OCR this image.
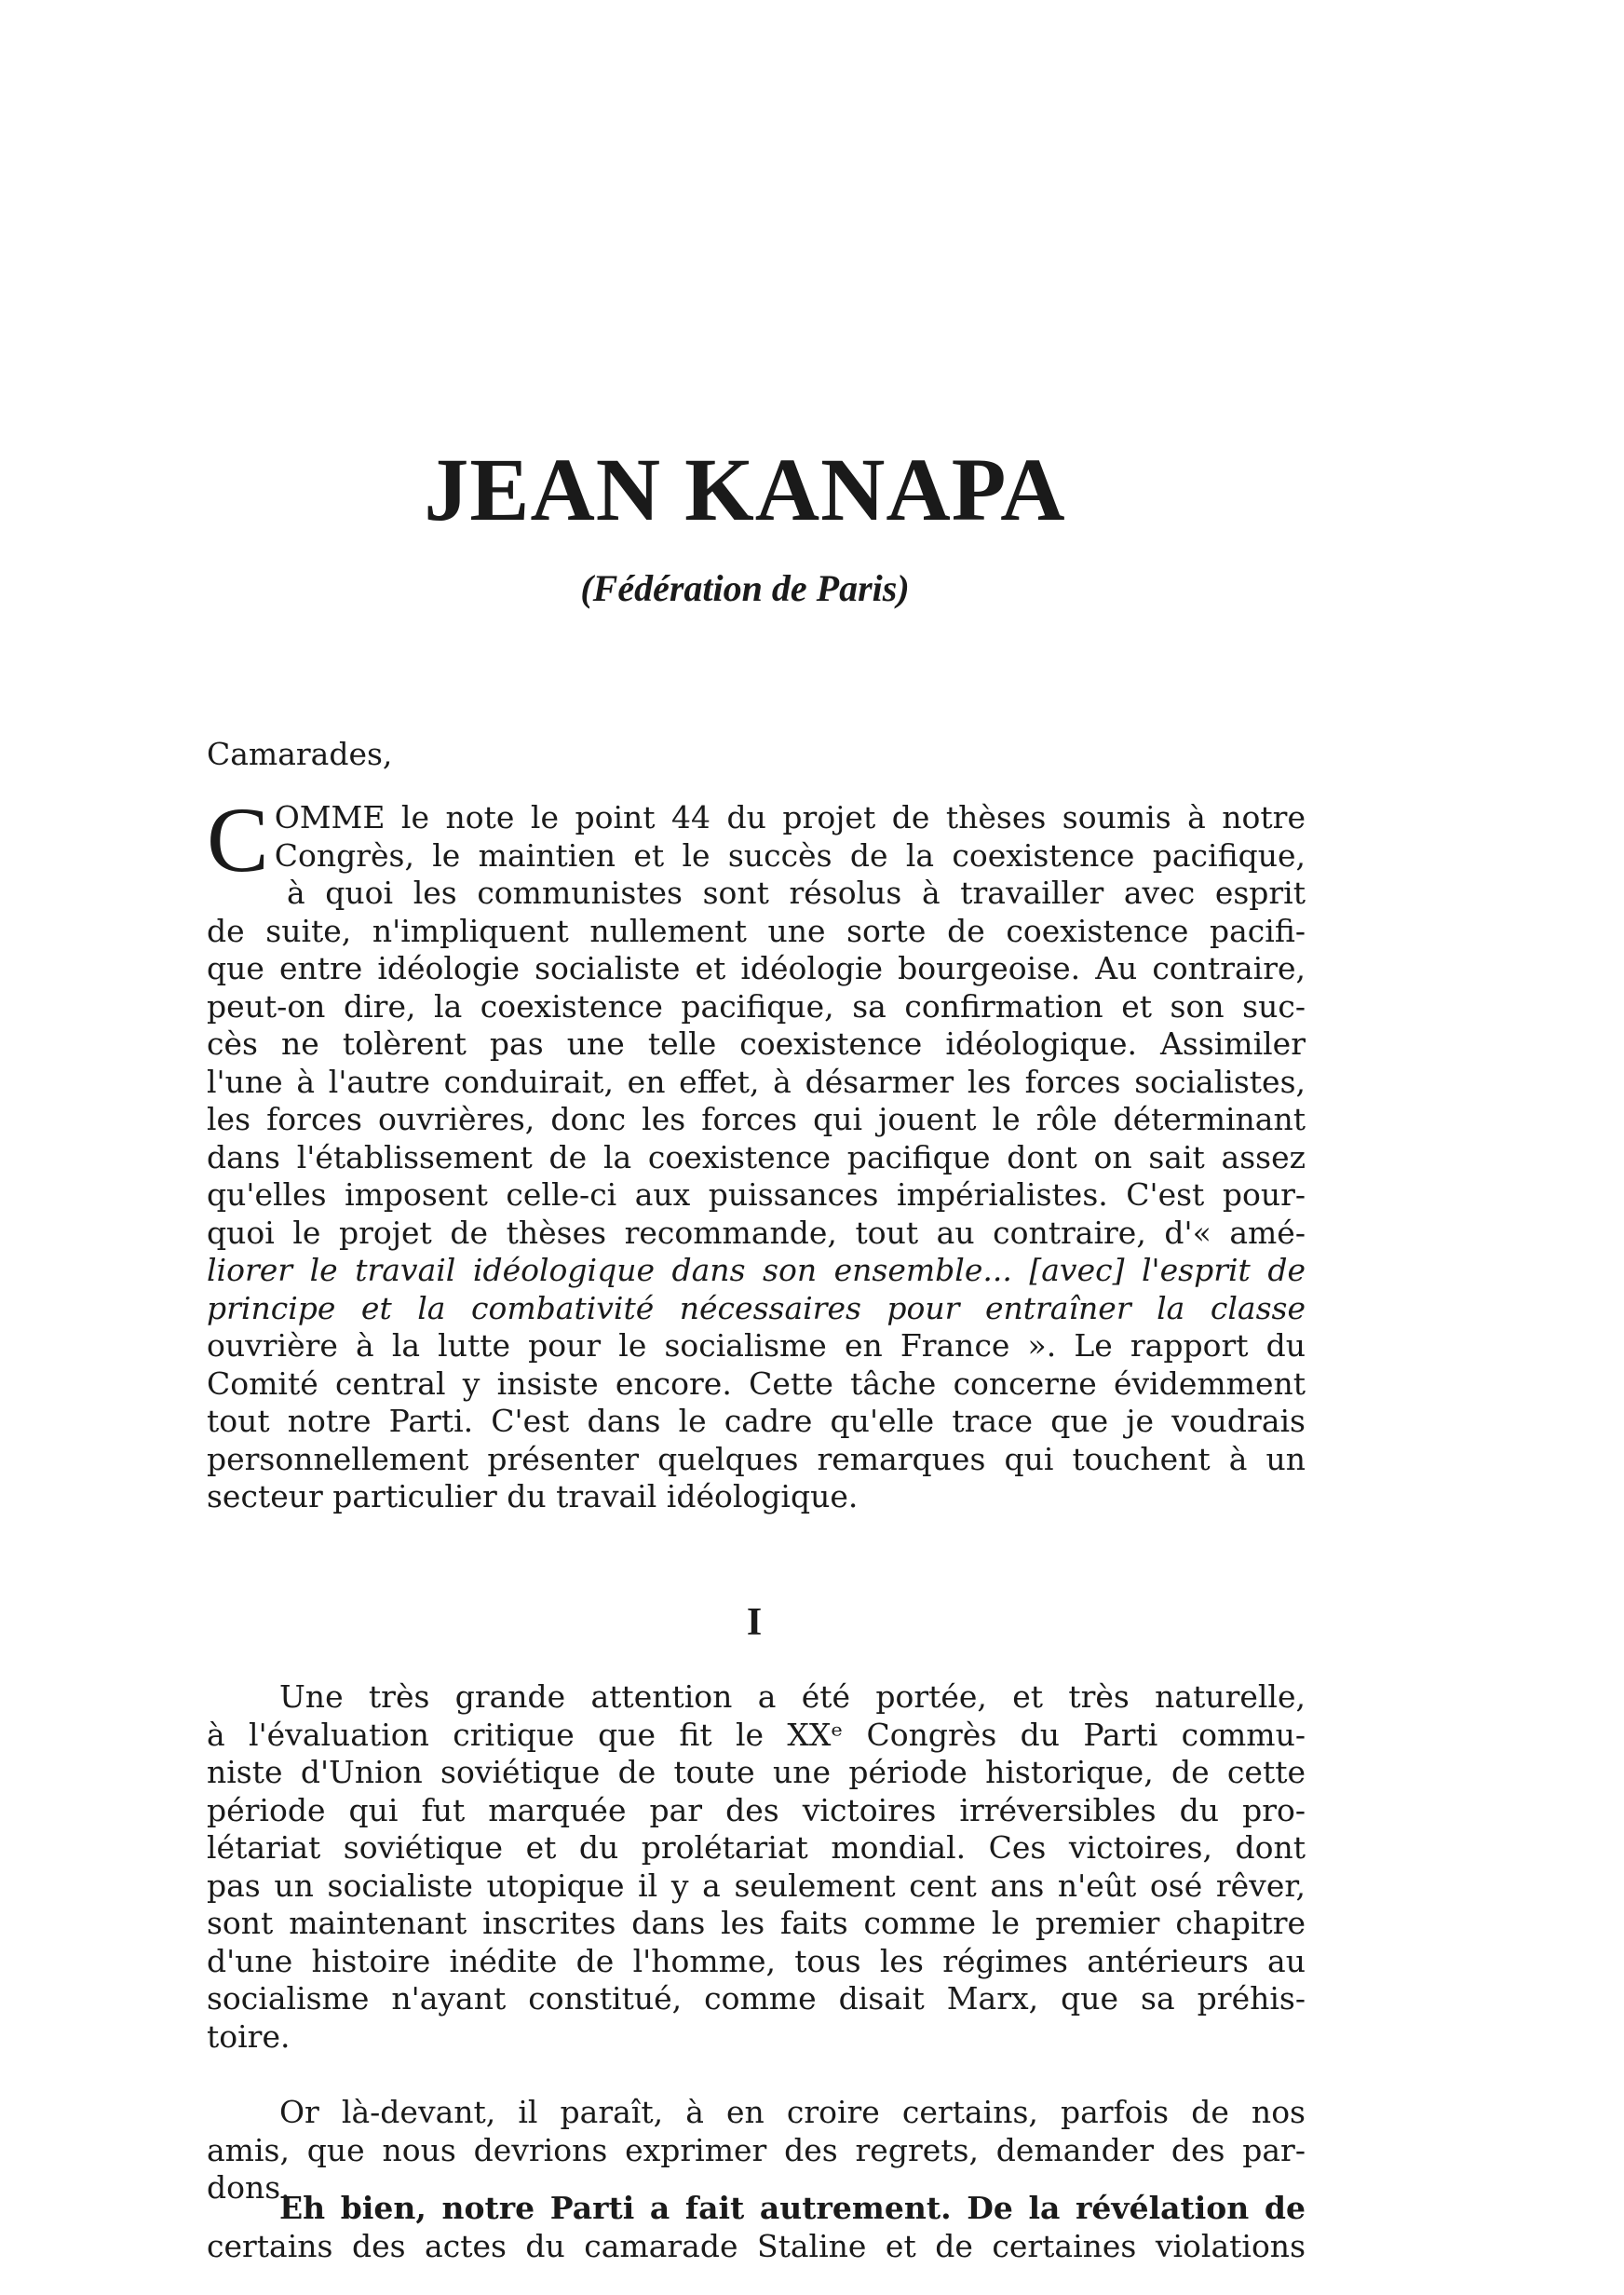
JEAN KANAPA
(Fédération de Paris)

Camarades,

C OMME le note le point 44 du projet de thèses soumis à notre
Congrès, le maintien et le succès de la coexistence pacifique,
à quoi les communistes sont résolus à travailler avec esprit
de suite, n'impliquent nullement une sorte de coexistence pacifi-
que entre idéologie socialiste et idéologie bourgeoise. Au contraire,
peut-on dire, la coexistence pacifique, sa confirmation et son suc-
cès ne tolèrent pas une telle coexistence idéologique. Assimiler
l'une à l'autre conduirait, en effet, à désarmer les forces socialistes,
les forces ouvrières, donc les forces qui jouent le rôle déterminant
dans l'établissement de la coexistence pacifique dont on sait assez
qu'elles imposent celle-ci aux puissances impérialistes. C'est pour-
quoi le projet de thèses recommande, tout au contraire, d'« amé-
liorer le travail idéologique dans son ensemble... [avec] l'esprit de
principe et la combativité nécessaires pour entraîner la classe
ouvrière à la lutte pour le socialisme en France ». Le rapport du
Comité central y insiste encore. Cette tâche concerne évidemment
tout notre Parti. C'est dans le cadre qu'elle trace que je voudrais
personnellement présenter quelques remarques qui touchent à un
secteur particulier du travail idéologique.
I
Une très grande attention a été portée, et très naturelle,
à l'évaluation critique que fit le XXᵉ Congrès du Parti commu-
niste d'Union soviétique de toute une période historique, de cette
période qui fut marquée par des victoires irréversibles du pro-
létariat soviétique et du prolétariat mondial. Ces victoires, dont
pas un socialiste utopique il y a seulement cent ans n'eût osé rêver,
sont maintenant inscrites dans les faits comme le premier chapitre
d'une histoire inédite de l'homme, tous les régimes antérieurs au
socialisme n'ayant constitué, comme disait Marx, que sa préhis-
toire.
Or là-devant, il paraît, à en croire certains, parfois de nos
amis, que nous devrions exprimer des regrets, demander des par-
dons.
Eh bien, notre Parti a fait autrement. De la révélation de
certains des actes du camarade Staline et de certaines violations
